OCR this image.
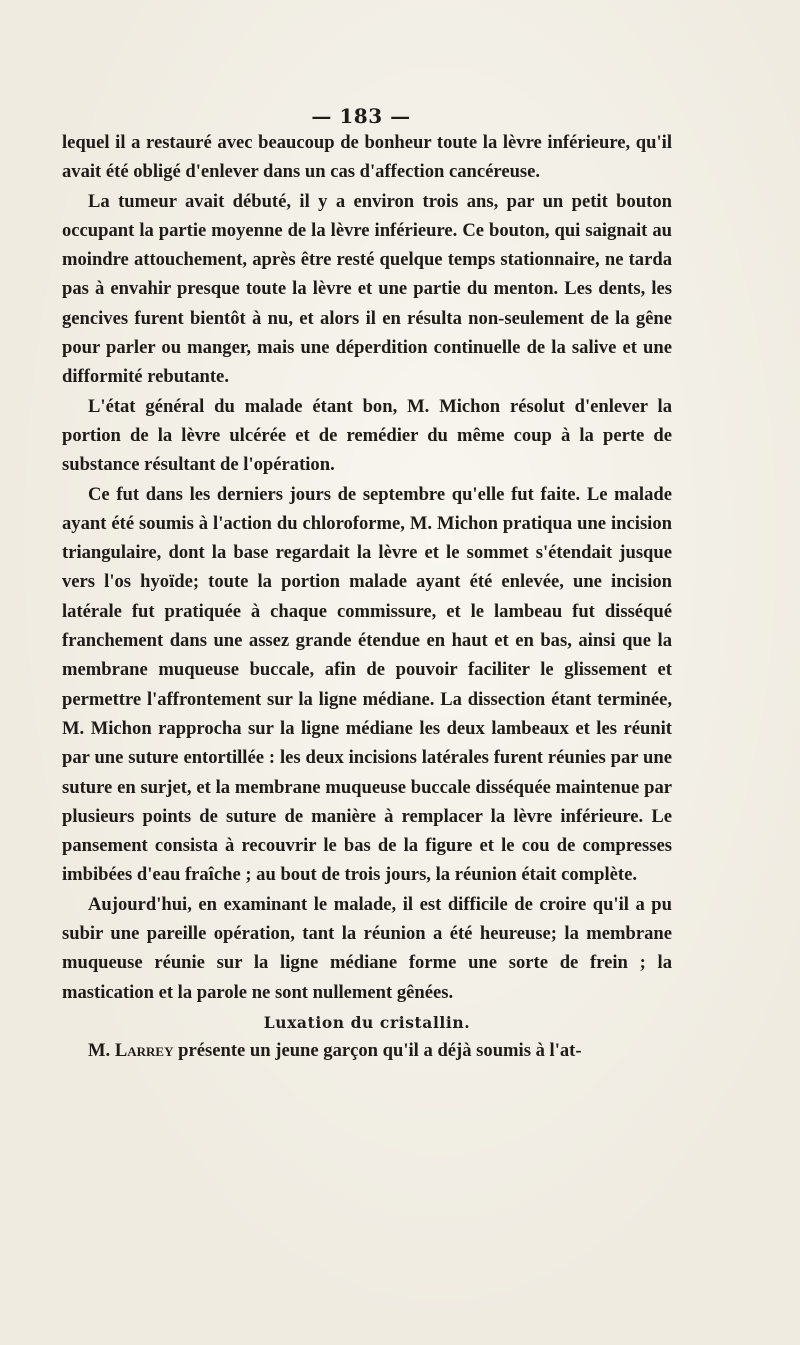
— 183 —

lequel il a restauré avec beaucoup de bonheur toute la lèvre inférieure, qu'il avait été obligé d'enlever dans un cas d'affection cancéreuse.

La tumeur avait débuté, il y a environ trois ans, par un petit bouton occupant la partie moyenne de la lèvre inférieure. Ce bouton, qui saignait au moindre attouchement, après être resté quelque temps stationnaire, ne tarda pas à envahir presque toute la lèvre et une partie du menton. Les dents, les gencives furent bientôt à nu, et alors il en résulta non-seulement de la gêne pour parler ou manger, mais une déperdition continuelle de la salive et une difformité rebutante.

L'état général du malade étant bon, M. Michon résolut d'enlever la portion de la lèvre ulcérée et de remédier du même coup à la perte de substance résultant de l'opération.

Ce fut dans les derniers jours de septembre qu'elle fut faite. Le malade ayant été soumis à l'action du chloroforme, M. Michon pratiqua une incision triangulaire, dont la base regardait la lèvre et le sommet s'étendait jusque vers l'os hyoïde; toute la portion malade ayant été enlevée, une incision latérale fut pratiquée à chaque commissure, et le lambeau fut disséqué franchement dans une assez grande étendue en haut et en bas, ainsi que la membrane muqueuse buccale, afin de pouvoir faciliter le glissement et permettre l'affrontement sur la ligne médiane. La dissection étant terminée, M. Michon rapprocha sur la ligne médiane les deux lambeaux et les réunit par une suture entortillée : les deux incisions latérales furent réunies par une suture en surjet, et la membrane muqueuse buccale disséquée maintenue par plusieurs points de suture de manière à remplacer la lèvre inférieure. Le pansement consista à recouvrir le bas de la figure et le cou de compresses imbibées d'eau fraîche ; au bout de trois jours, la réunion était complète.

Aujourd'hui, en examinant le malade, il est difficile de croire qu'il a pu subir une pareille opération, tant la réunion a été heureuse; la membrane muqueuse réunie sur la ligne médiane forme une sorte de frein ; la mastication et la parole ne sont nullement gênées.

Luxation du cristallin.

M. Larrey présente un jeune garçon qu'il a déjà soumis à l'at-
